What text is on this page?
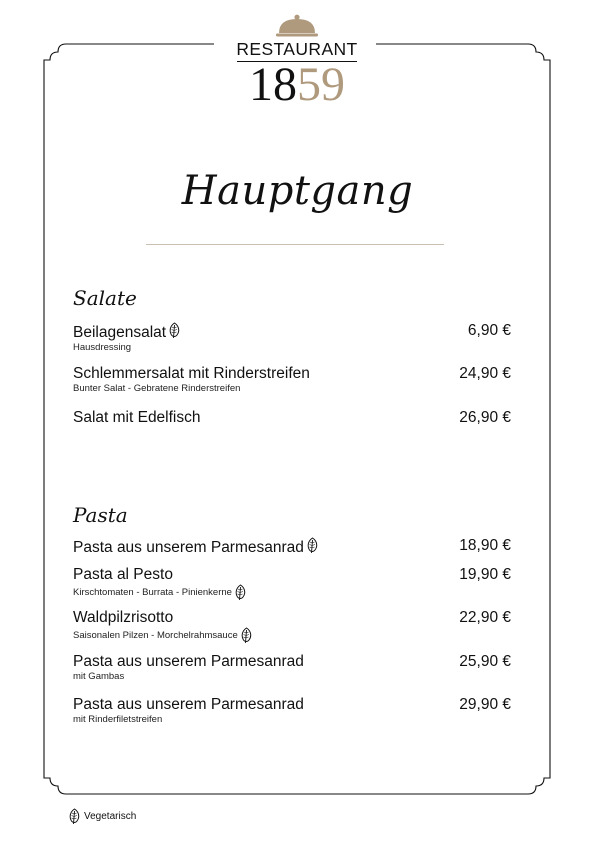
RESTAURANT
1859
Hauptgang
Salate
Beilagensalat
Hausdressing
6,90 €
Schlemmersalat mit Rinderstreifen
Bunter Salat - Gebratene Rinderstreifen
24,90 €
Salat mit Edelfisch	26,90 €
Pasta
Pasta aus unserem Parmesanrad	18,90 €
Pasta al Pesto
Kirschtomaten - Burrata - Pinienkerne
19,90 €
Waldpilzrisotto
Saisonalen Pilzen - Morchelrahmsauce
22,90 €
Pasta aus unserem Parmesanrad
mit Gambas
25,90 €
Pasta aus unserem Parmesanrad
mit Rinderfiletstreifen
29,90 €
Vegetarisch
